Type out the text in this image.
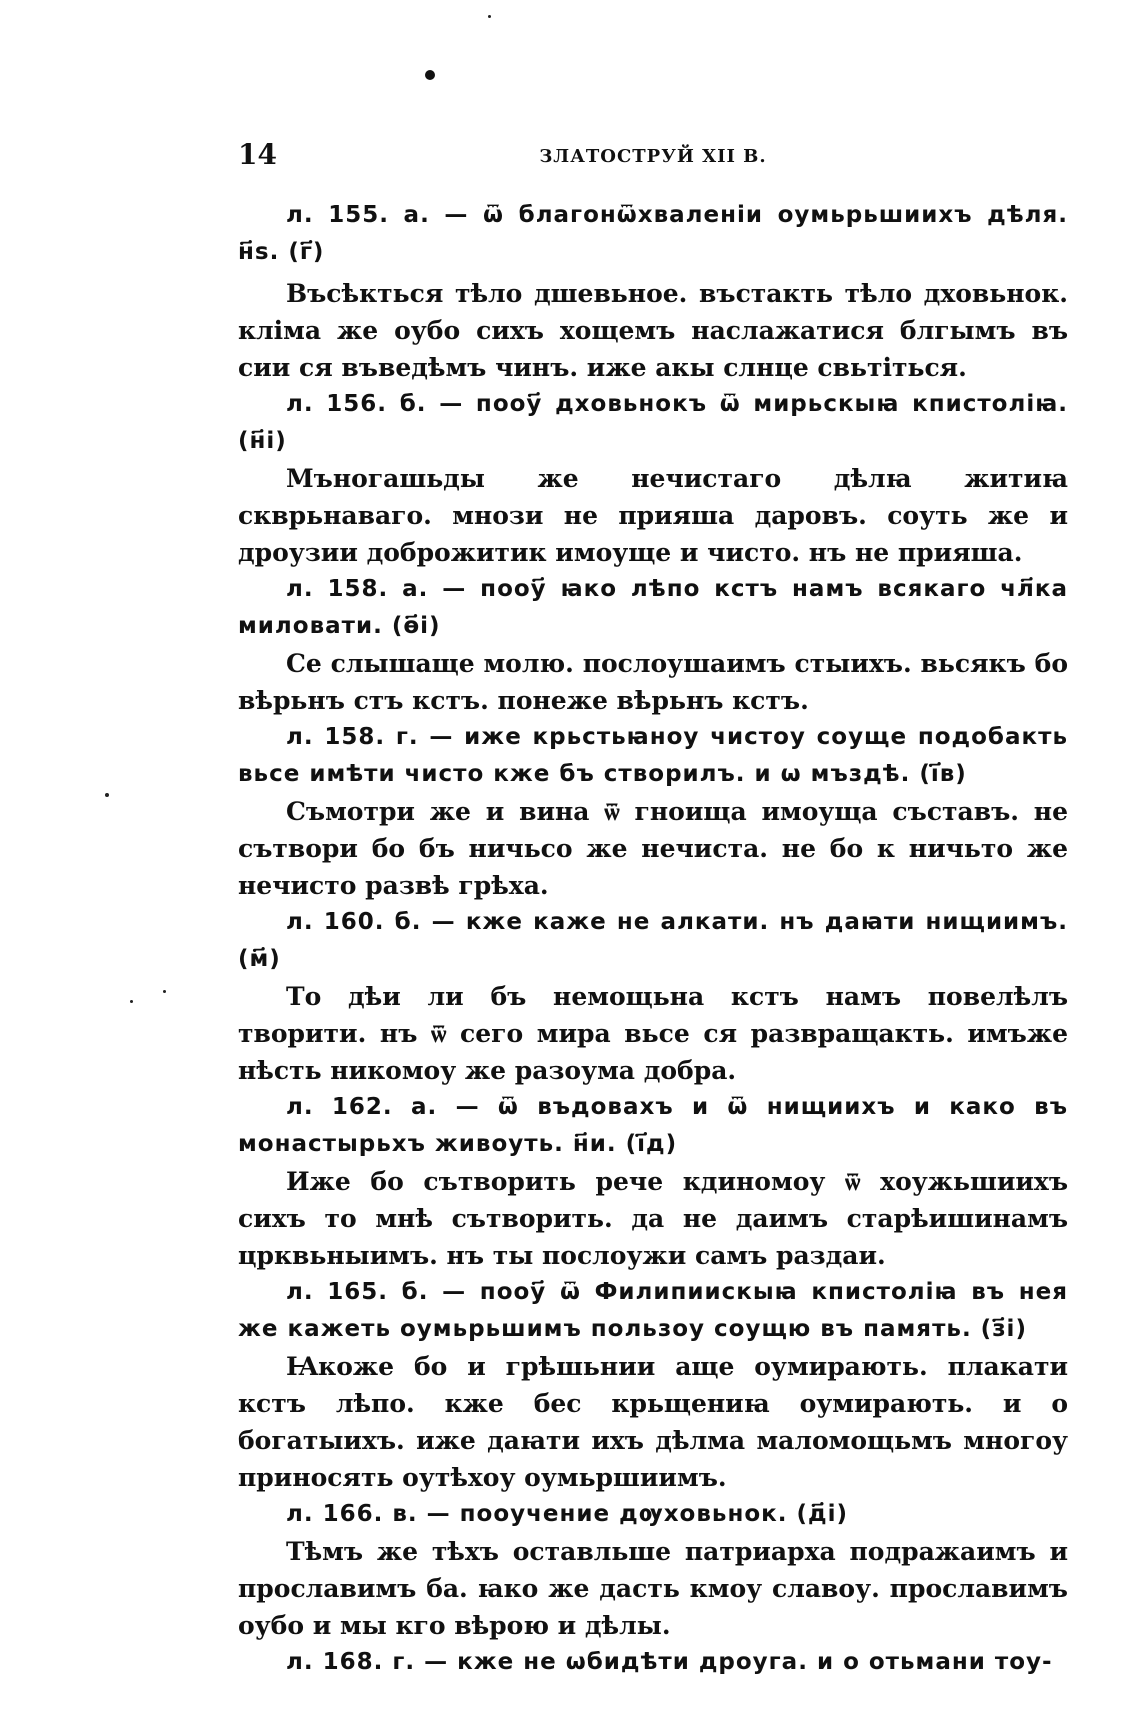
14	ЗЛАТОСТРУЙ XII В.

л. 155. а. — ѿ благонѿхваленіи оумьрьшиихъ дѣля. н҃ѕ. (г҃)

Въсѣкться тѣло дшевьное. въстакть тѣло дховьнок. кліма же оубо сихъ хощемъ наслажатися блгымъ въ сии ся въведѣмъ чинъ. иже акы слнце свьтіться.

л. 156. б. — пооу҃ дховьнокъ ѿ мирьскыꙗ кпистоліꙗ. (н҃і)

Мъногашьды же нечистаго дѣлꙗ житиꙗ скврьнаваго. мнози не прияша даровъ. соуть же и дроузии доброжитик имоуще и чисто. нъ не прияша.

л. 158. а. — пооу҃ ꙗко лѣпо кстъ намъ всякаго чл҃ка миловати. (ѳ҃і)

Се слышаще молю. послоушаимъ стыихъ. вьсякъ бо вѣрьнъ стъ кстъ. понеже вѣрьнъ кстъ.

л. 158. г. — иже крьстьꙗноу чистоу соуще подобакть вьсе имѣти чисто кже бъ створилъ. и ѡ мъздѣ. (і҃в)

Съмотри же и вина ѿ гноища имоуща съставъ. не сътвори бо бъ ничьсо же нечиста. не бо к ничьто же нечисто развѣ грѣха.

л. 160. б. — кже каже не алкати. нъ даꙗти нищиимъ. (м҃)

То дѣи ли бъ немощьна кстъ намъ повелѣлъ творити. нъ ѿ сего мира вьсе ся развращакть. имъже нѣсть никомоу же разоума добра.

л. 162. а. — ѿ въдовахъ и ѿ нищиихъ и како въ монастырьхъ живоуть. н҃и. (і҃д)

Иже бо сътворить рече кдиномоу ѿ хоужьшиихъ сихъ то мнѣ сътворить. да не даимъ старѣишинамъ црквьныимъ. нъ ты послоужи самъ раздаи.

л. 165. б. — пооу҃ ѿ Филипиискыꙗ кпистоліꙗ въ нея же кажеть оумьрьшимъ пользоу соущю въ память. (з҃і)

Ꙗкоже бо и грѣшьнии аще оумирають. плакати кстъ лѣпо. кже бес крьщениꙗ оумирають. и о богатыихъ. иже даꙗти ихъ дѣлма маломощьмъ многоу приносять оутѣхоу оумьршиимъ.

л. 166. в. — пооучение дѹховьнок. (д҃і)

Тѣмъ же тѣхъ оставльше патриарха подражаимъ и прославимъ ба. ꙗко же дасть кмоу славоу. прославимъ оубо и мы кго вѣрою и дѣлы.

л. 168. г. — кже не ѡбидѣти дроуга. и о отьмани тоу-
